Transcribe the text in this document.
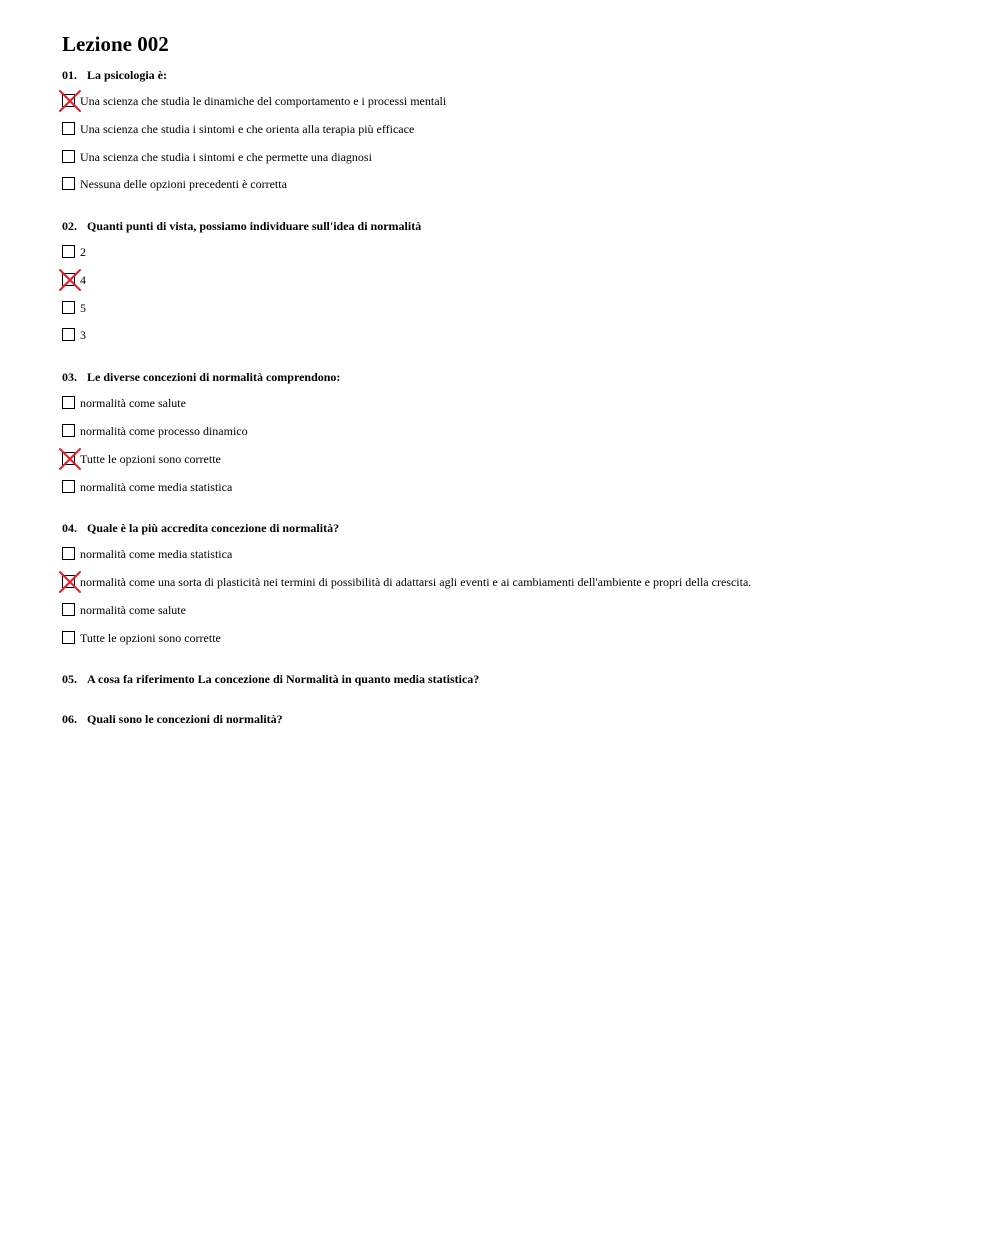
Lezione 002
01. La psicologia è:
Una scienza che studia le dinamiche del comportamento e i processi mentali
Una scienza che studia i sintomi e che orienta alla terapia più efficace
Una scienza che studia i sintomi e che permette una diagnosi
Nessuna delle opzioni precedenti è corretta
02. Quanti punti di vista, possiamo individuare sull'idea di normalità
2
4
5
3
03. Le diverse concezioni di normalità comprendono:
normalità come salute
normalità come processo dinamico
Tutte le opzioni sono corrette
normalità come media statistica
04. Quale è la più accredita concezione di normalità?
normalità come media statistica
normalità come una sorta di plasticità nei termini di possibilità di adattarsi agli eventi e ai cambiamenti dell'ambiente e propri della crescita.
normalità come salute
Tutte le opzioni sono corrette
05. A cosa fa riferimento La concezione di Normalità in quanto media statistica?
06. Quali sono le concezioni di normalità?
